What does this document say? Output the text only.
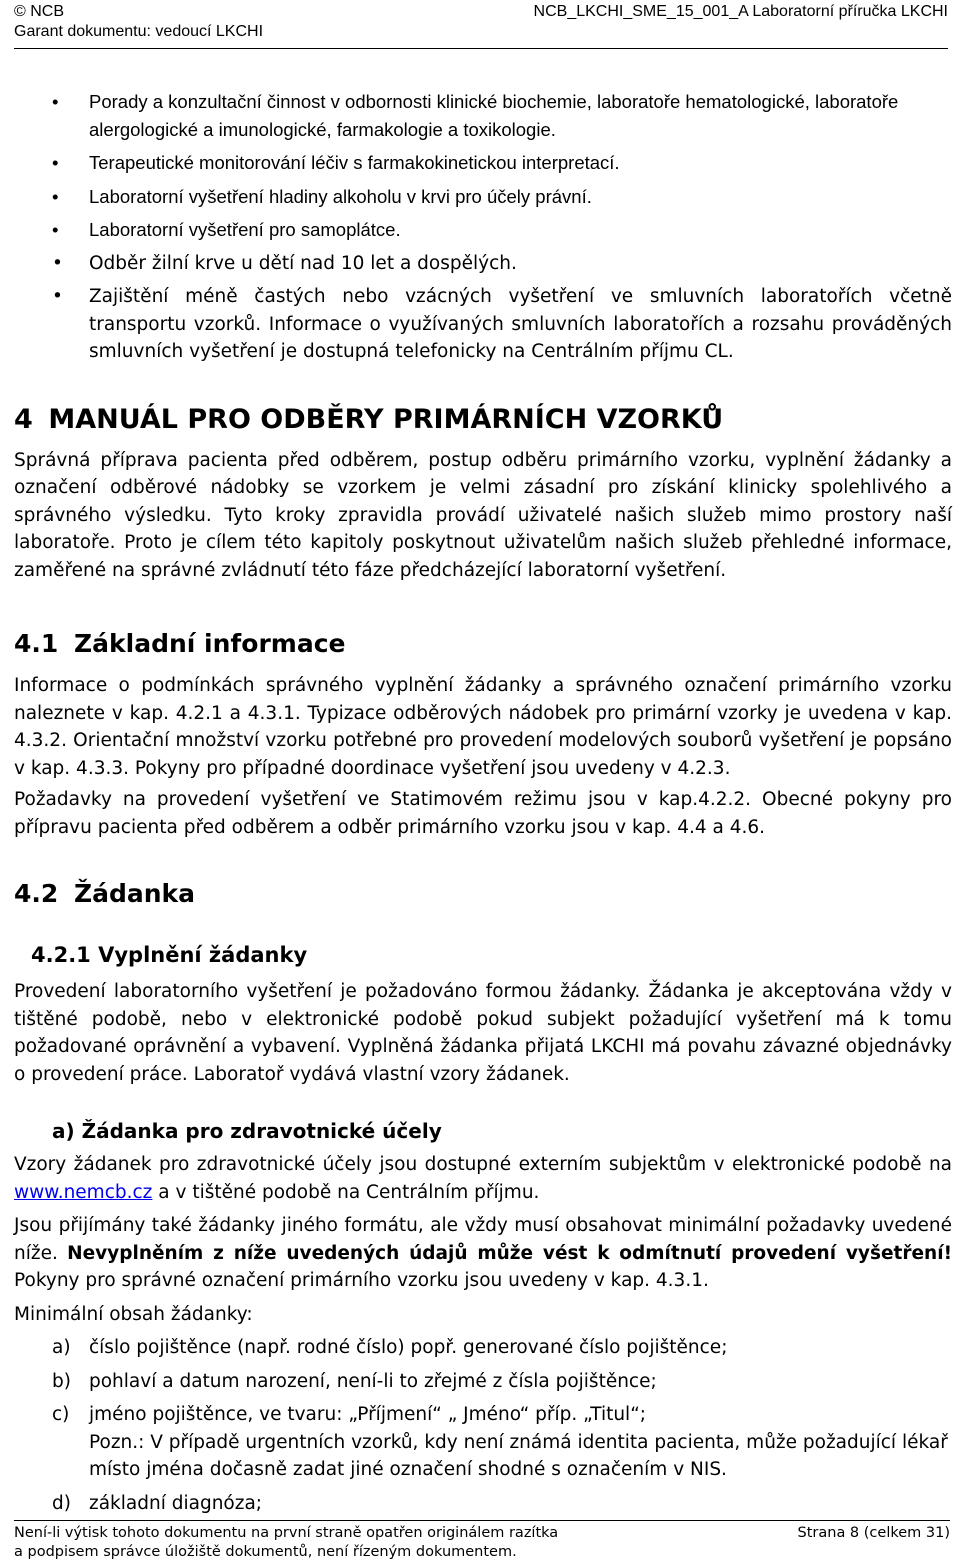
© NCB	NCB_LKCHI_SME_15_001_A Laboratorní příručka LKCHI
Garant dokumentu: vedoucí LKCHI
• Porady a konzultační činnost v odbornosti klinické biochemie, laboratoře hematologické, laboratoře alergologické a imunologické, farmakologie a toxikologie.
• Terapeutické monitorování léčiv s farmakokinetickou interpretací.
• Laboratorní vyšetření hladiny alkoholu v krvi pro účely právní.
• Laboratorní vyšetření pro samoplátce.
• Odběr žilní krve u dětí nad 10 let a dospělých.
• Zajištění méně častých nebo vzácných vyšetření ve smluvních laboratořích včetně transportu vzorků. Informace o využívaných smluvních laboratořích a rozsahu prováděných smluvních vyšetření je dostupná telefonicky na Centrálním příjmu CL.
4 MANUÁL PRO ODBĚRY PRIMÁRNÍCH VZORKŮ

Správná příprava pacienta před odběrem, postup odběru primárního vzorku, vyplnění žádanky a označení odběrové nádobky se vzorkem je velmi zásadní pro získání klinicky spolehlivého a správného výsledku. Tyto kroky zpravidla provádí uživatelé našich služeb mimo prostory naší laboratoře. Proto je cílem této kapitoly poskytnout uživatelům našich služeb přehledné informace, zaměřené na správné zvládnutí této fáze předcházející laboratorní vyšetření.

4.1 Základní informace

Informace o podmínkách správného vyplnění žádanky a správného označení primárního vzorku naleznete v kap. 4.2.1 a 4.3.1. Typizace odběrových nádobek pro primární vzorky je uvedena v kap. 4.3.2. Orientační množství vzorku potřebné pro provedení modelových souborů vyšetření je popsáno v kap. 4.3.3. Pokyny pro případné doordinace vyšetření jsou uvedeny v 4.2.3.

Požadavky na provedení vyšetření ve Statimovém režimu jsou v kap.4.2.2. Obecné pokyny pro přípravu pacienta před odběrem a odběr primárního vzorku jsou v kap. 4.4 a 4.6.

4.2 Žádanka
4.2.1 Vyplnění žádanky

Provedení laboratorního vyšetření je požadováno formou žádanky. Žádanka je akceptována vždy v tištěné podobě, nebo v elektronické podobě pokud subjekt požadující vyšetření má k tomu požadované oprávnění a vybavení. Vyplněná žádanka přijatá LKCHI má povahu závazné objednávky o provedení práce. Laboratoř vydává vlastní vzory žádanek.

a) Žádanka pro zdravotnické účely

Vzory žádanek pro zdravotnické účely jsou dostupné externím subjektům v elektronické podobě na www.nemcb.cz a v tištěné podobě na Centrálním příjmu.

Jsou přijímány také žádanky jiného formátu, ale vždy musí obsahovat minimální požadavky uvedené níže. Nevyplněním z níže uvedených údajů může vést k odmítnutí provedení vyšetření! Pokyny pro správné označení primárního vzorku jsou uvedeny v kap. 4.3.1.

Minimální obsah žádanky:

a) číslo pojištěnce (např. rodné číslo) popř. generované číslo pojištěnce;
b) pohlaví a datum narození, není-li to zřejmé z čísla pojištěnce;
c) jméno pojištěnce, ve tvaru: „Příjmení“ „ Jméno“ příp. „Titul“;
Pozn.: V případě urgentních vzorků, kdy není známá identita pacienta, může požadující lékař místo jména dočasně zadat jiné označení shodné s označením v NIS.
d) základní diagnóza;
Není-li výtisk tohoto dokumentu na první straně opatřen originálem razítka
a podpisem správce úložiště dokumentů, není řízeným dokumentem.
Strana 8 (celkem 31)
